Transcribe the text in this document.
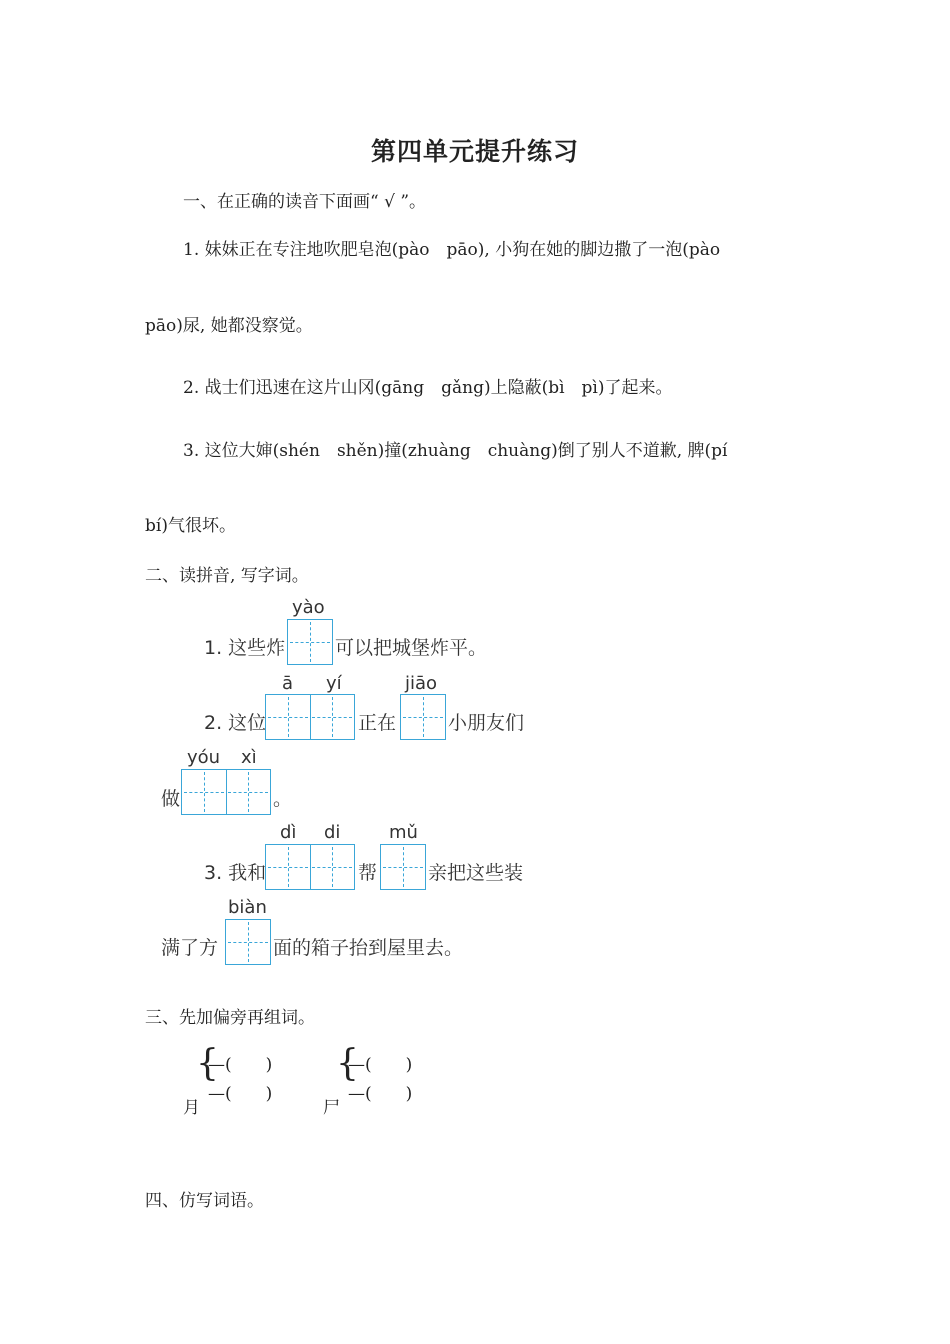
第四单元提升练习
一、在正确的读音下面画“ √ ”。
1. 妹妹正在专注地吹肥皂泡(pào　pāo), 小狗在她的脚边撒了一泡(pào
pāo)尿, 她都没察觉。
2. 战士们迅速在这片山冈(gāng　gǎng)上隐蔽(bì　pì)了起来。
3. 这位大婶(shén　shěn)撞(zhuàng　chuàng)倒了别人不道歉, 脾(pí
bí)气很坏。
二、读拼音, 写字词。
1. 这些炸
yào
可以把城堡炸平。
2. 这位
ā yí
正在
jiāo
小朋友们
做
yóu xì
。
3. 我和
dì di
帮
mǔ
亲把这些装
满了方
biàn
面的箱子抬到屋里去。
三、先加偏旁再组词。
月
{
—(　　)
—(　　)
尸
{
—(　　)
—(　　)
四、仿写词语。
